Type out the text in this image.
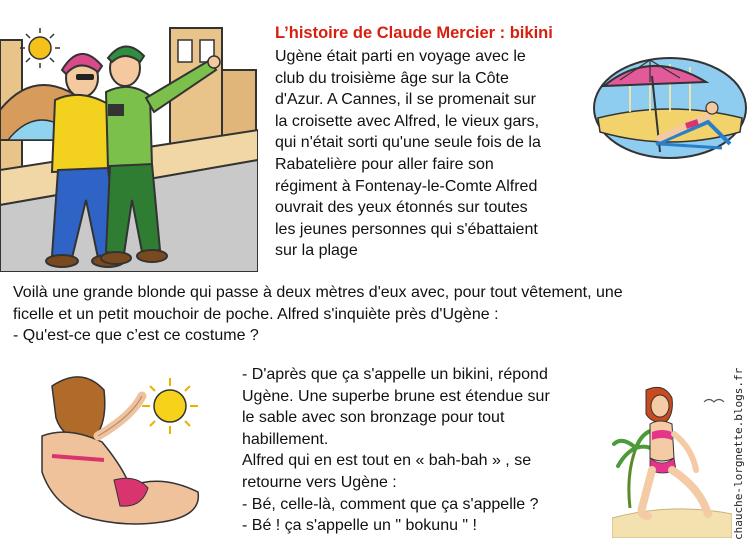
L’histoire de Claude Mercier : bikini
Ugène était parti en voyage avec le
club du troisième âge sur la Côte
d'Azur. A Cannes, il se promenait sur
la croisette avec Alfred, le vieux gars,
qui n'était sorti qu'une seule fois de la
Rabatelière pour aller faire son
régiment à Fontenay-le-Comte Alfred
ouvrait des yeux étonnés sur toutes
les jeunes personnes qui s'ébattaient
sur la plage
Voilà une grande blonde qui passe à deux mètres d'eux avec, pour tout vêtement, une
ficelle et un petit mouchoir de poche. Alfred s'inquiète près d'Ugène :
- Qu'est-ce que c’est ce costume ?
- D'après que ça s'appelle un bikini, répond
Ugène. Une superbe brune est étendue sur
le sable avec son bronzage pour tout
habillement.
Alfred qui en est tout en « bah-bah » , se
retourne vers Ugène :
- Bé, celle-là, comment que ça s'appelle ?
- Bé ! ça s'appelle un " bokunu " !	chauche-lorgnette.blogs.fr
